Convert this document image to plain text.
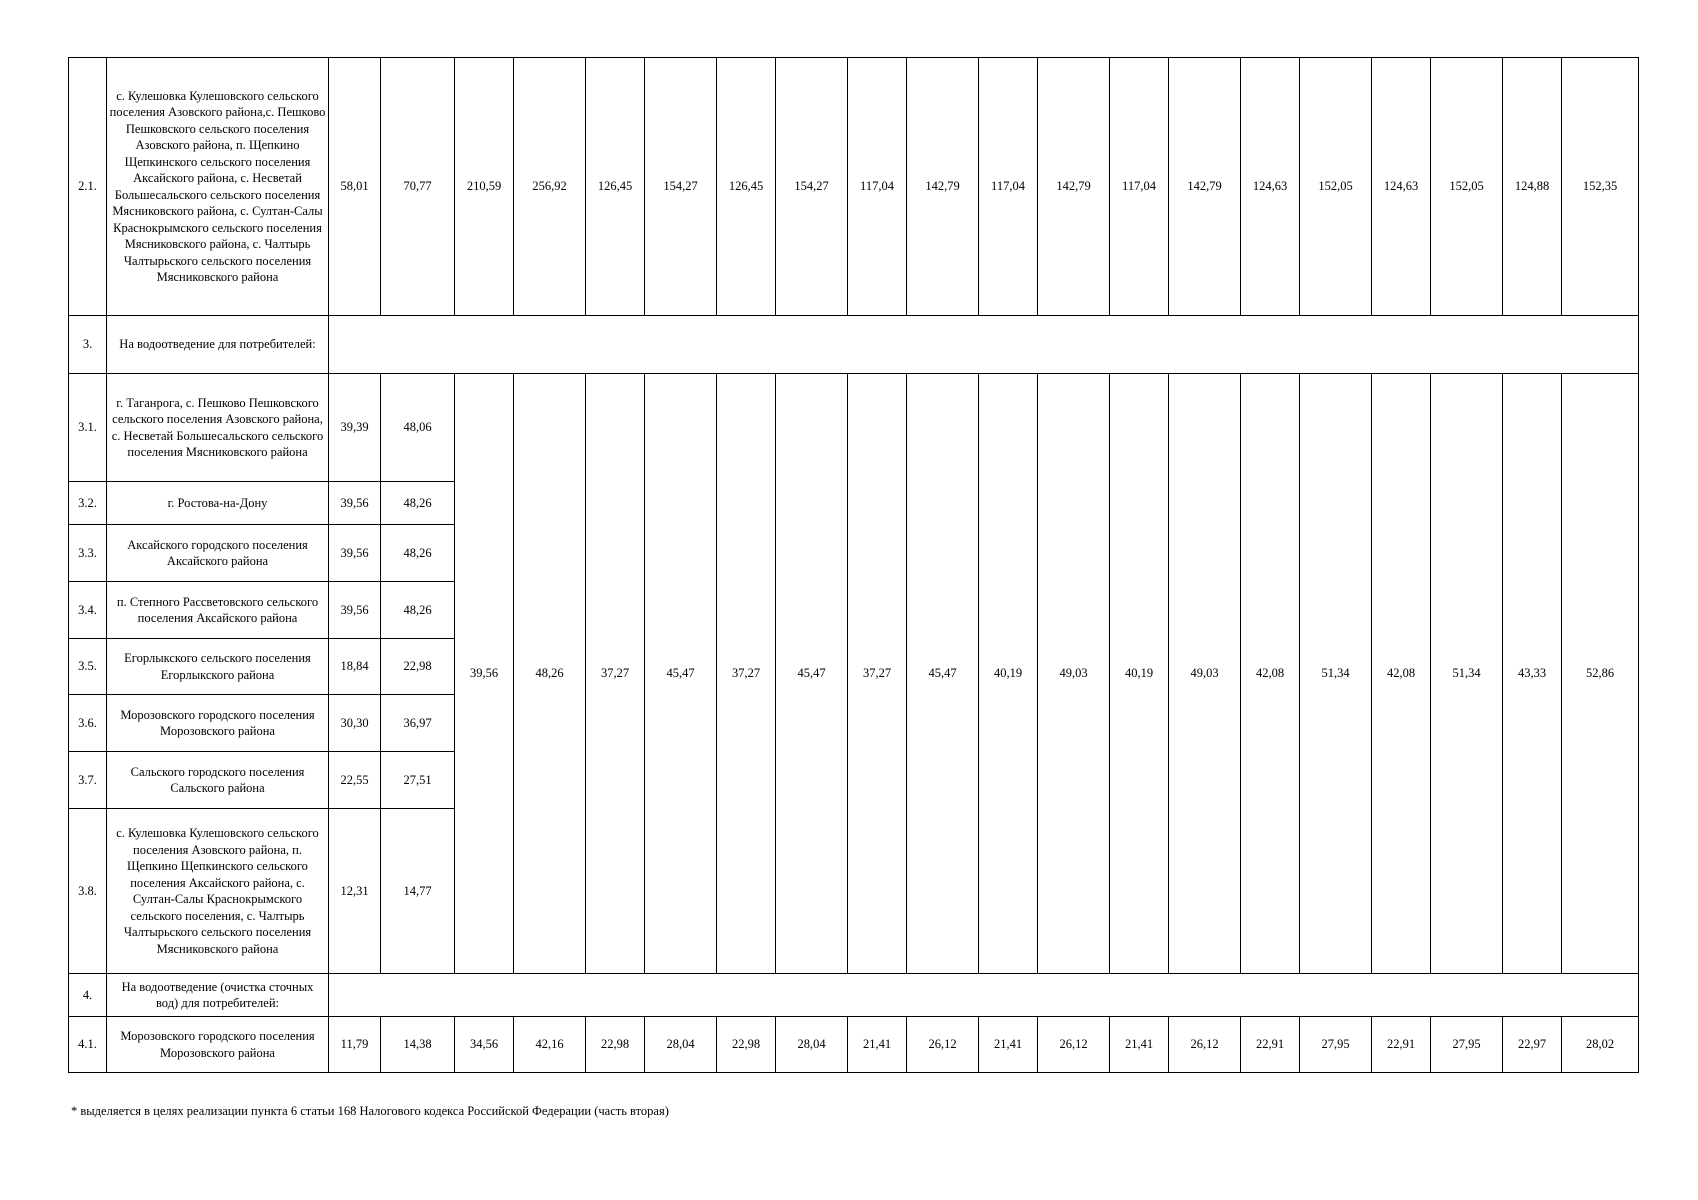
2.1.	с. Кулешовка Кулешовского сельского поселения Азовского района,с. Пешково Пешковского сельского поселения Азовского района, п. Щепкино Щепкинского сельского поселения Аксайского района, с. Несветай Большесальского сельского поселения Мясниковского района, с. Султан-Салы Краснокрымского сельского поселения Мясниковского района, с. Чалтырь Чалтырьского сельского поселения Мясниковского района	58,01	70,77	210,59	256,92	126,45	154,27	126,45	154,27	117,04	142,79	117,04	142,79	117,04	142,79	124,63	152,05	124,63	152,05	124,88	152,35
3.	На водоотведение для потребителей:																				
3.1.	г. Таганрога, с. Пешково Пешковского сельского поселения Азовского района, с. Несветай Большесальского сельского поселения Мясниковского района	39,39	48,06	39,56	48,26	37,27	45,47	37,27	45,47	37,27	45,47	40,19	49,03	40,19	49,03	42,08	51,34	42,08	51,34	43,33	52,86
3.2.	г. Ростова-на-Дону	39,56	48,26																		
3.3.	Аксайского городского поселения Аксайского района	39,56	48,26																		
3.4.	п. Степного Рассветовского сельского поселения Аксайского района	39,56	48,26																		
3.5.	Егорлыкского сельского поселения Егорлыкского района	18,84	22,98																		
3.6.	Морозовского городского поселения Морозовского района	30,30	36,97																		
3.7.	Сальского городского поселения Сальского района	22,55	27,51																		
3.8.	с. Кулешовка Кулешовского сельского поселения Азовского района, п. Щепкино Щепкинского сельского поселения Аксайского района, с. Султан-Салы Краснокрымского сельского поселения, с. Чалтырь Чалтырьского сельского поселения Мясниковского района	12,31	14,77																		
4.	На водоотведение (очистка сточных вод) для потребителей:																				
4.1.	Морозовского городского поселения Морозовского района	11,79	14,38	34,56	42,16	22,98	28,04	22,98	28,04	21,41	26,12	21,41	26,12	21,41	26,12	22,91	27,95	22,91	27,95	22,97	28,02
* выделяется в целях реализации пункта 6 статьи 168 Налогового кодекса Российской Федерации (часть вторая)
